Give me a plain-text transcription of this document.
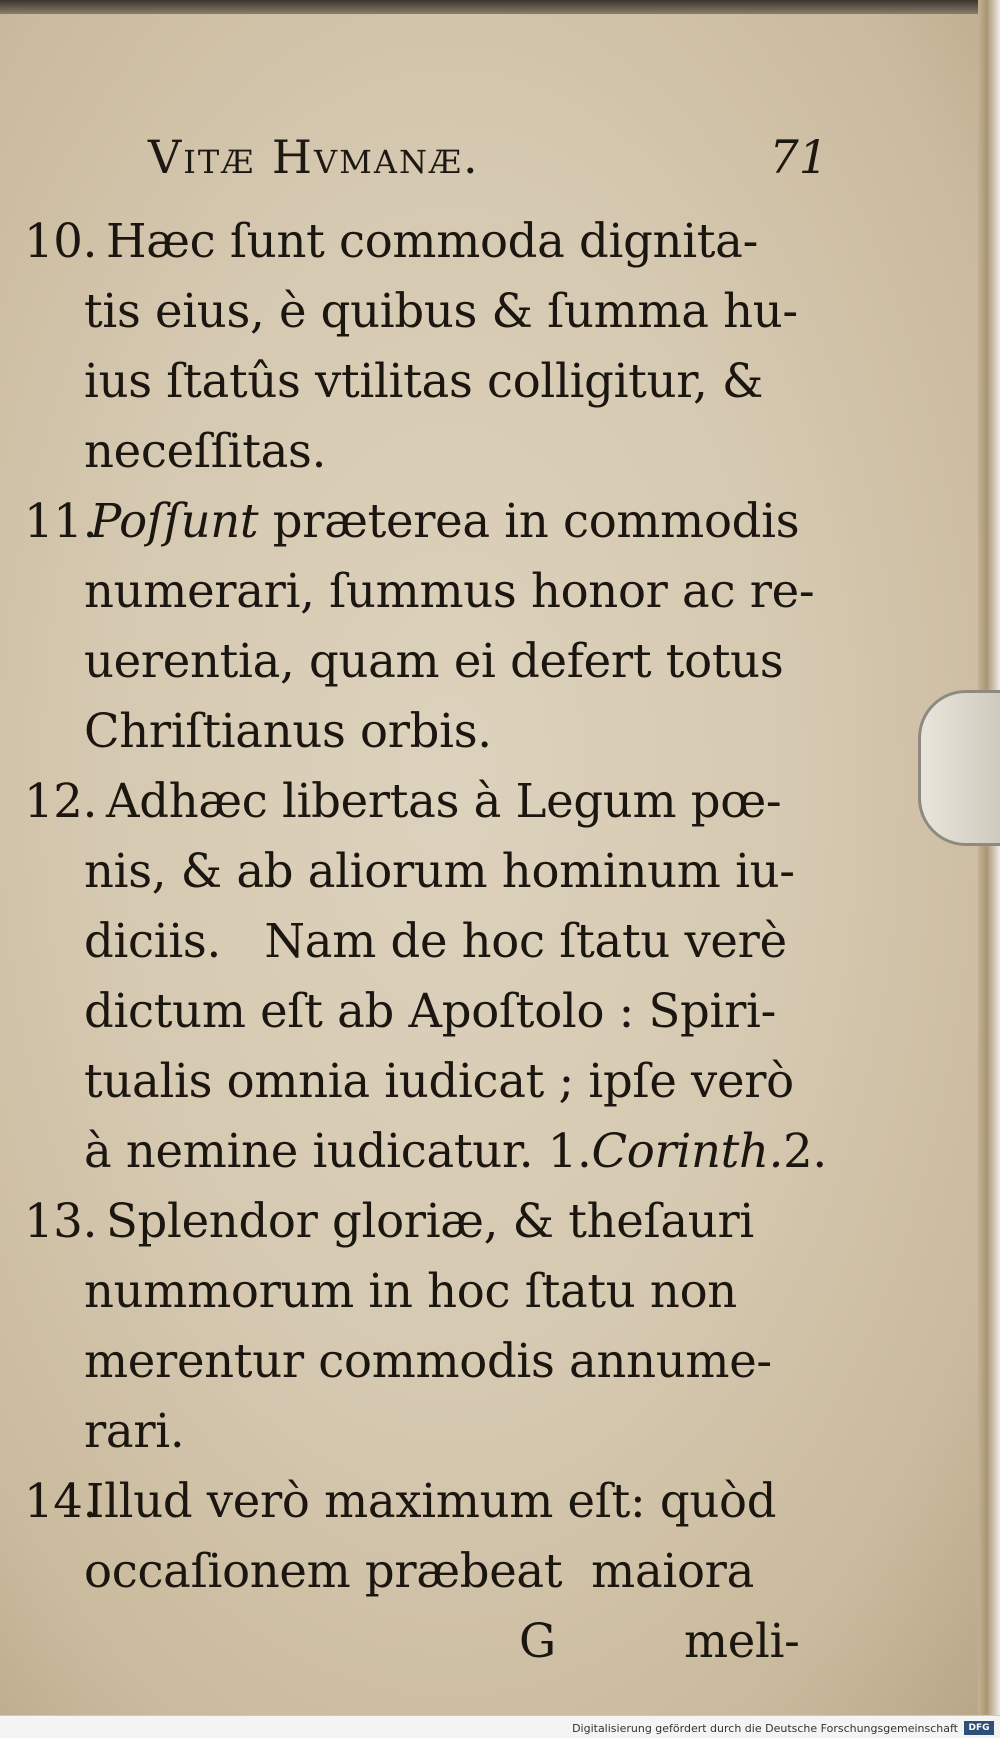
Vitæ Hvmanæ.	71
10. Hæc ſunt commoda dignita-
tis eius, è quibus & ſumma hu-
ius ſtatûs vtilitas colligitur, &
neceſſitas.
11.
Poſſunt præterea in commodis
numerari, ſummus honor ac re-
uerentia, quam ei defert totus
Chriſtianus orbis.
12. Adhæc libertas à Legum pœ-
nis, & ab aliorum hominum iu-
diciis.   Nam de hoc ſtatu verè
dictum eſt ab Apoſtolo : Spiri-
tualis omnia iudicat ; ipſe verò
à nemine iudicatur. 1.Corinth.2.
13. Splendor gloriæ, & theſauri
nummorum in hoc ſtatu non
merentur commodis annume-
rari.
14.
Illud verò maximum eſt: quòd
occaſionem præbeat  maiora
G	meli-
Digitalisierung gefördert durch die Deutsche Forschungsgemeinschaft	DFG
